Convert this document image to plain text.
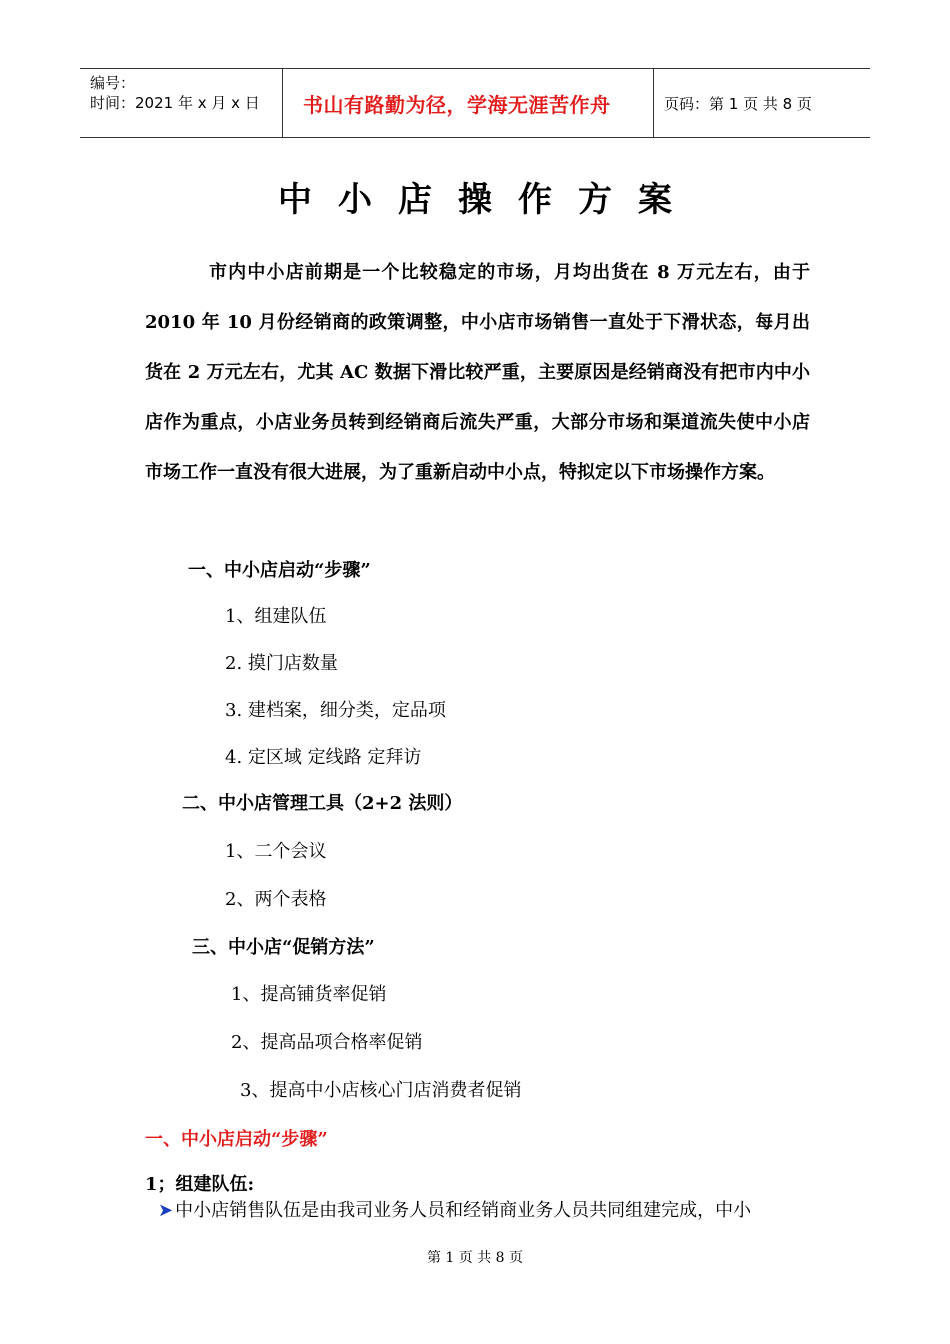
编号：
时间：2021 年 x 月 x 日	书山有路勤为径，学海无涯苦作舟	页码：第 1 页 共 8 页
中小店操作方案

市内中小店前期是一个比较稳定的市场，月均出货在 8 万元左右，由于 2010 年 10 月份经销商的政策调整，中小店市场销售一直处于下滑状态，每月出货在 2 万元左右，尤其 AC 数据下滑比较严重，主要原因是经销商没有把市内中小店作为重点，小店业务员转到经销商后流失严重，大部分市场和渠道流失使中小店市场工作一直没有很大进展，为了重新启动中小点，特拟定以下市场操作方案。

一、中小店启动“步骤”
1、组建队伍
2. 摸门店数量
3. 建档案，细分类，定品项
4. 定区域 定线路 定拜访
二、中小店管理工具（2+2 法则）
1、二个会议
2、两个表格
三、中小店“促销方法”
1、提高铺货率促销
2、提高品项合格率促销
3、提高中小店核心门店消费者促销
一、中小店启动“步骤”
1；组建队伍:
➤ 中小店销售队伍是由我司业务人员和经销商业务人员共同组建完成，中小
第 1 页 共 8 页
